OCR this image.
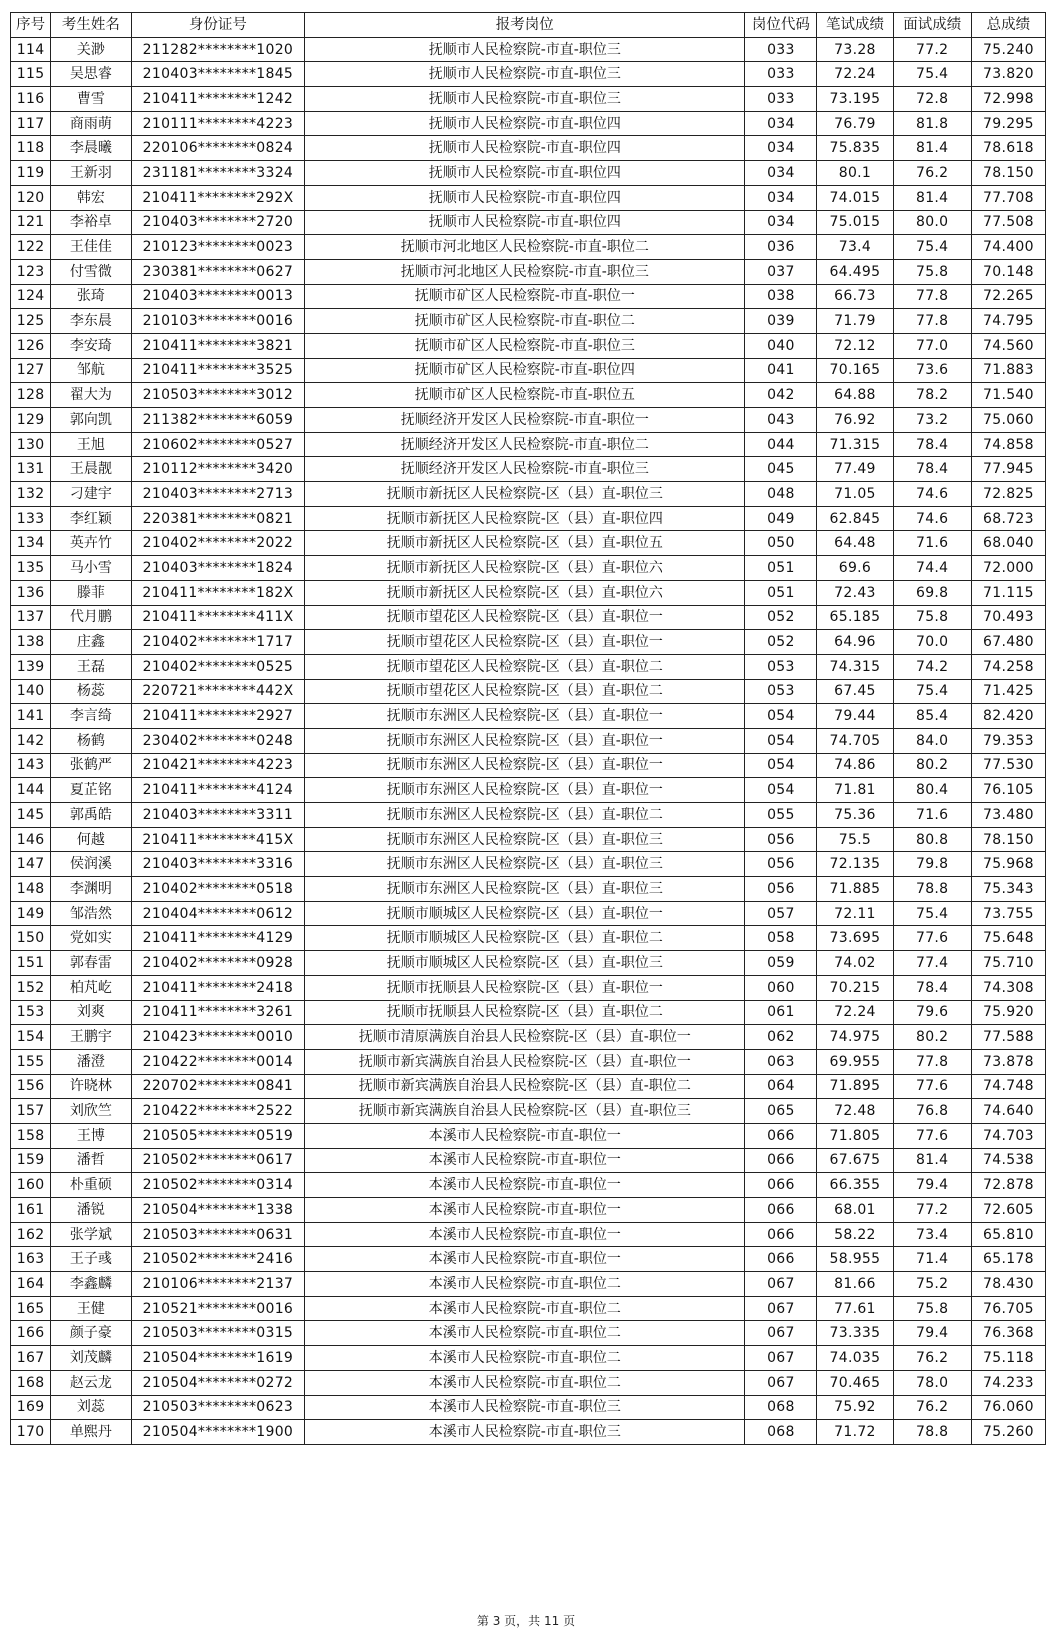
序号	考生姓名	身份证号	报考岗位	岗位代码	笔试成绩	面试成绩	总成绩
114	关渺	211282********1020	抚顺市人民检察院-市直-职位三	033	73.28	77.2	75.240
115	吴思睿	210403********1845	抚顺市人民检察院-市直-职位三	033	72.24	75.4	73.820
116	曹雪	210411********1242	抚顺市人民检察院-市直-职位三	033	73.195	72.8	72.998
117	商雨萌	210111********4223	抚顺市人民检察院-市直-职位四	034	76.79	81.8	79.295
118	李晨曦	220106********0824	抚顺市人民检察院-市直-职位四	034	75.835	81.4	78.618
119	王新羽	231181********3324	抚顺市人民检察院-市直-职位四	034	80.1	76.2	78.150
120	韩宏	210411********292X	抚顺市人民检察院-市直-职位四	034	74.015	81.4	77.708
121	李裕卓	210403********2720	抚顺市人民检察院-市直-职位四	034	75.015	80.0	77.508
122	王佳佳	210123********0023	抚顺市河北地区人民检察院-市直-职位二	036	73.4	75.4	74.400
123	付雪微	230381********0627	抚顺市河北地区人民检察院-市直-职位三	037	64.495	75.8	70.148
124	张琦	210403********0013	抚顺市矿区人民检察院-市直-职位一	038	66.73	77.8	72.265
125	李东晨	210103********0016	抚顺市矿区人民检察院-市直-职位二	039	71.79	77.8	74.795
126	李安琦	210411********3821	抚顺市矿区人民检察院-市直-职位三	040	72.12	77.0	74.560
127	邹航	210411********3525	抚顺市矿区人民检察院-市直-职位四	041	70.165	73.6	71.883
128	翟大为	210503********3012	抚顺市矿区人民检察院-市直-职位五	042	64.88	78.2	71.540
129	郭向凯	211382********6059	抚顺经济开发区人民检察院-市直-职位一	043	76.92	73.2	75.060
130	王旭	210602********0527	抚顺经济开发区人民检察院-市直-职位二	044	71.315	78.4	74.858
131	王晨靓	210112********3420	抚顺经济开发区人民检察院-市直-职位三	045	77.49	78.4	77.945
132	刁建宇	210403********2713	抚顺市新抚区人民检察院-区（县）直-职位三	048	71.05	74.6	72.825
133	李红颖	220381********0821	抚顺市新抚区人民检察院-区（县）直-职位四	049	62.845	74.6	68.723
134	英卉竹	210402********2022	抚顺市新抚区人民检察院-区（县）直-职位五	050	64.48	71.6	68.040
135	马小雪	210403********1824	抚顺市新抚区人民检察院-区（县）直-职位六	051	69.6	74.4	72.000
136	滕菲	210411********182X	抚顺市新抚区人民检察院-区（县）直-职位六	051	72.43	69.8	71.115
137	代月鹏	210411********411X	抚顺市望花区人民检察院-区（县）直-职位一	052	65.185	75.8	70.493
138	庄鑫	210402********1717	抚顺市望花区人民检察院-区（县）直-职位一	052	64.96	70.0	67.480
139	王磊	210402********0525	抚顺市望花区人民检察院-区（县）直-职位二	053	74.315	74.2	74.258
140	杨蕊	220721********442X	抚顺市望花区人民检察院-区（县）直-职位二	053	67.45	75.4	71.425
141	李言绮	210411********2927	抚顺市东洲区人民检察院-区（县）直-职位一	054	79.44	85.4	82.420
142	杨鹤	230402********0248	抚顺市东洲区人民检察院-区（县）直-职位一	054	74.705	84.0	79.353
143	张鹤严	210421********4223	抚顺市东洲区人民检察院-区（县）直-职位一	054	74.86	80.2	77.530
144	夏芷铭	210411********4124	抚顺市东洲区人民检察院-区（县）直-职位一	054	71.81	80.4	76.105
145	郭禹皓	210403********3311	抚顺市东洲区人民检察院-区（县）直-职位二	055	75.36	71.6	73.480
146	何越	210411********415X	抚顺市东洲区人民检察院-区（县）直-职位三	056	75.5	80.8	78.150
147	侯润溪	210403********3316	抚顺市东洲区人民检察院-区（县）直-职位三	056	72.135	79.8	75.968
148	李渊明	210402********0518	抚顺市东洲区人民检察院-区（县）直-职位三	056	71.885	78.8	75.343
149	邹浩然	210404********0612	抚顺市顺城区人民检察院-区（县）直-职位一	057	72.11	75.4	73.755
150	党如实	210411********4129	抚顺市顺城区人民检察院-区（县）直-职位二	058	73.695	77.6	75.648
151	郭春雷	210402********0928	抚顺市顺城区人民检察院-区（县）直-职位三	059	74.02	77.4	75.710
152	柏芃屹	210411********2418	抚顺市抚顺县人民检察院-区（县）直-职位一	060	70.215	78.4	74.308
153	刘爽	210411********3261	抚顺市抚顺县人民检察院-区（县）直-职位二	061	72.24	79.6	75.920
154	王鹏宇	210423********0010	抚顺市清原满族自治县人民检察院-区（县）直-职位一	062	74.975	80.2	77.588
155	潘澄	210422********0014	抚顺市新宾满族自治县人民检察院-区（县）直-职位一	063	69.955	77.8	73.878
156	许晓林	220702********0841	抚顺市新宾满族自治县人民检察院-区（县）直-职位二	064	71.895	77.6	74.748
157	刘欣竺	210422********2522	抚顺市新宾满族自治县人民检察院-区（县）直-职位三	065	72.48	76.8	74.640
158	王博	210505********0519	本溪市人民检察院-市直-职位一	066	71.805	77.6	74.703
159	潘哲	210502********0617	本溪市人民检察院-市直-职位一	066	67.675	81.4	74.538
160	朴重硕	210502********0314	本溪市人民检察院-市直-职位一	066	66.355	79.4	72.878
161	潘锐	210504********1338	本溪市人民检察院-市直-职位一	066	68.01	77.2	72.605
162	张学斌	210503********0631	本溪市人民检察院-市直-职位一	066	58.22	73.4	65.810
163	王子彧	210502********2416	本溪市人民检察院-市直-职位一	066	58.955	71.4	65.178
164	李鑫麟	210106********2137	本溪市人民检察院-市直-职位二	067	81.66	75.2	78.430
165	王健	210521********0016	本溪市人民检察院-市直-职位二	067	77.61	75.8	76.705
166	颜子豪	210503********0315	本溪市人民检察院-市直-职位二	067	73.335	79.4	76.368
167	刘茂麟	210504********1619	本溪市人民检察院-市直-职位二	067	74.035	76.2	75.118
168	赵云龙	210504********0272	本溪市人民检察院-市直-职位二	067	70.465	78.0	74.233
169	刘蕊	210503********0623	本溪市人民检察院-市直-职位三	068	75.92	76.2	76.060
170	单熙丹	210504********1900	本溪市人民检察院-市直-职位三	068	71.72	78.8	75.260
第 3 页，共 11 页
